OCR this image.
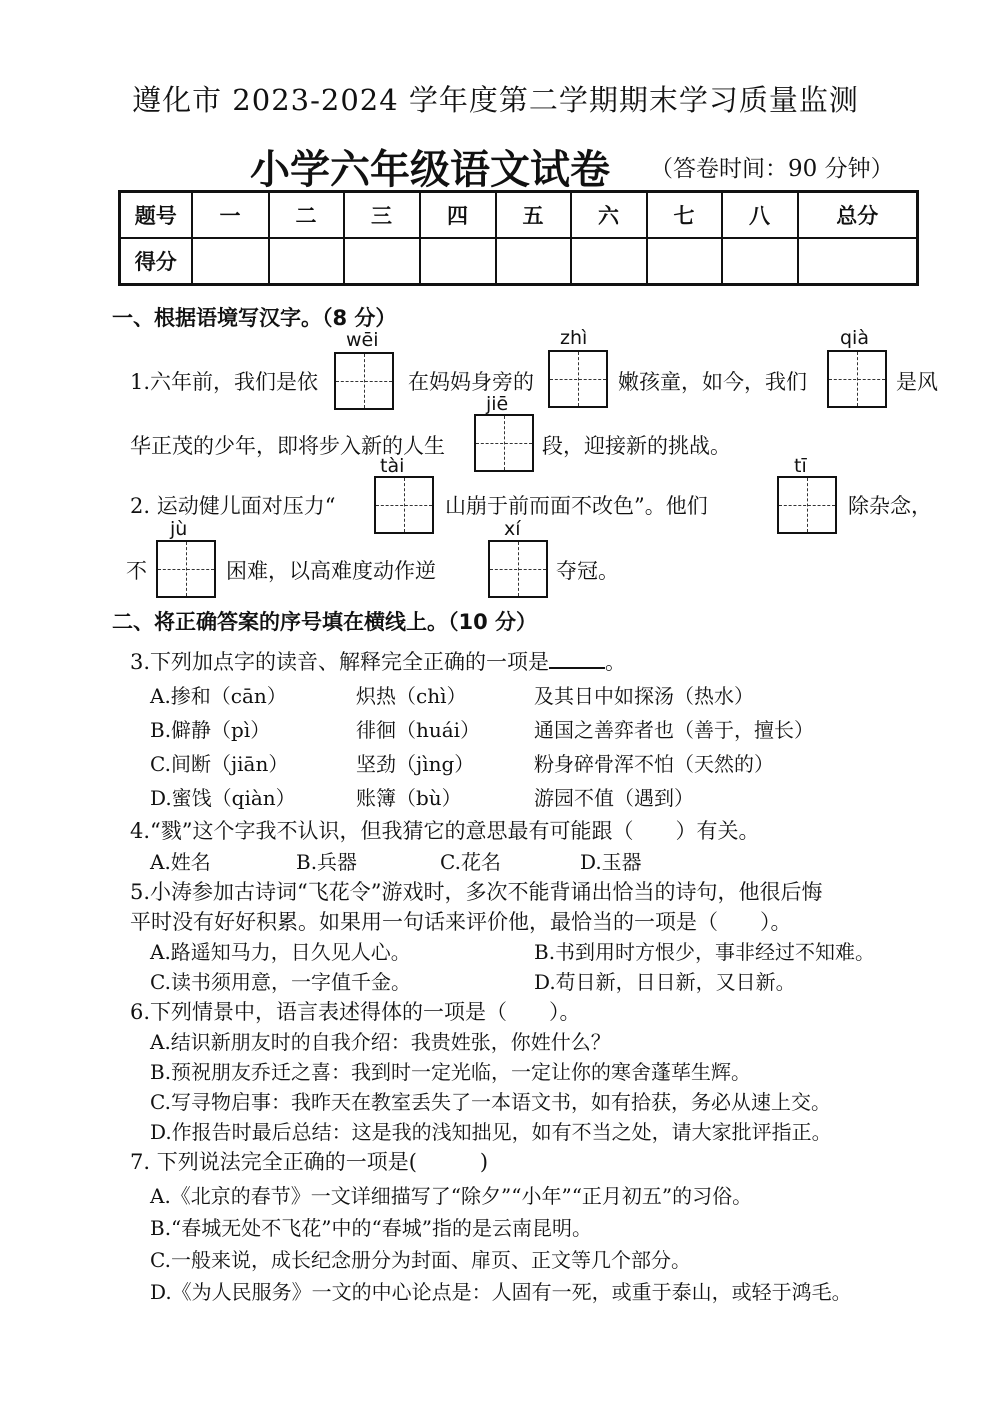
遵化市 2023-2024 学年度第二学期期末学习质量监测
小学六年级语文试卷 （答卷时间：90 分钟）
题号	一	二	三	四	五	六	七	八	总分
得分									
一、根据语境写汉字。（8 分）
wēi	zhì	qià
1.六年前，我们是依	在妈妈身旁的	嫩孩童，如今，我们	是风
jiē
华正茂的少年，即将步入新的人生	段，迎接新的挑战。
tài	tī
2. 运动健儿面对压力“	山崩于前而面不改色”。他们	除杂念，
jù	xí
不	困难，以高难度动作逆	夺冠。
二、将正确答案的序号填在横线上。（10 分）
3.下列加点字的读音、解释完全正确的一项是	。
A.掺和（cān）	炽热（chì）	及其日中如探汤（热水）
B.僻静（pì）	徘徊（huái）	通国之善弈者也（善于，擅长）
C.间断（jiān）	坚劲（jìng）	粉身碎骨浑不怕（天然的）
D.蜜饯（qiàn）	账簿（bù）	游园不值（遇到）
4.“戮”这个字我不认识，但我猜它的意思最有可能跟（　　）有关。
A.姓名	B.兵器	C.花名	D.玉器
5.小涛参加古诗词“飞花令”游戏时，多次不能背诵出恰当的诗句，他很后悔
平时没有好好积累。如果用一句话来评价他，最恰当的一项是（　　）。
A.路遥知马力，日久见人心。	B.书到用时方恨少，事非经过不知难。
C.读书须用意，一字值千金。	D.苟日新，日日新，又日新。
6.下列情景中，语言表述得体的一项是（　　）。
A.结识新朋友时的自我介绍：我贵姓张，你姓什么？
B.预祝朋友乔迁之喜：我到时一定光临，一定让你的寒舍蓬荜生辉。
C.写寻物启事：我昨天在教室丢失了一本语文书，如有拾获，务必从速上交。
D.作报告时最后总结：这是我的浅知拙见，如有不当之处，请大家批评指正。
7. 下列说法完全正确的一项是(　　　)
A.《北京的春节》一文详细描写了“除夕”“小年”“正月初五”的习俗。
B.“春城无处不飞花”中的“春城”指的是云南昆明。
C.一般来说，成长纪念册分为封面、扉页、正文等几个部分。
D.《为人民服务》一文的中心论点是：人固有一死，或重于泰山，或轻于鸿毛。
